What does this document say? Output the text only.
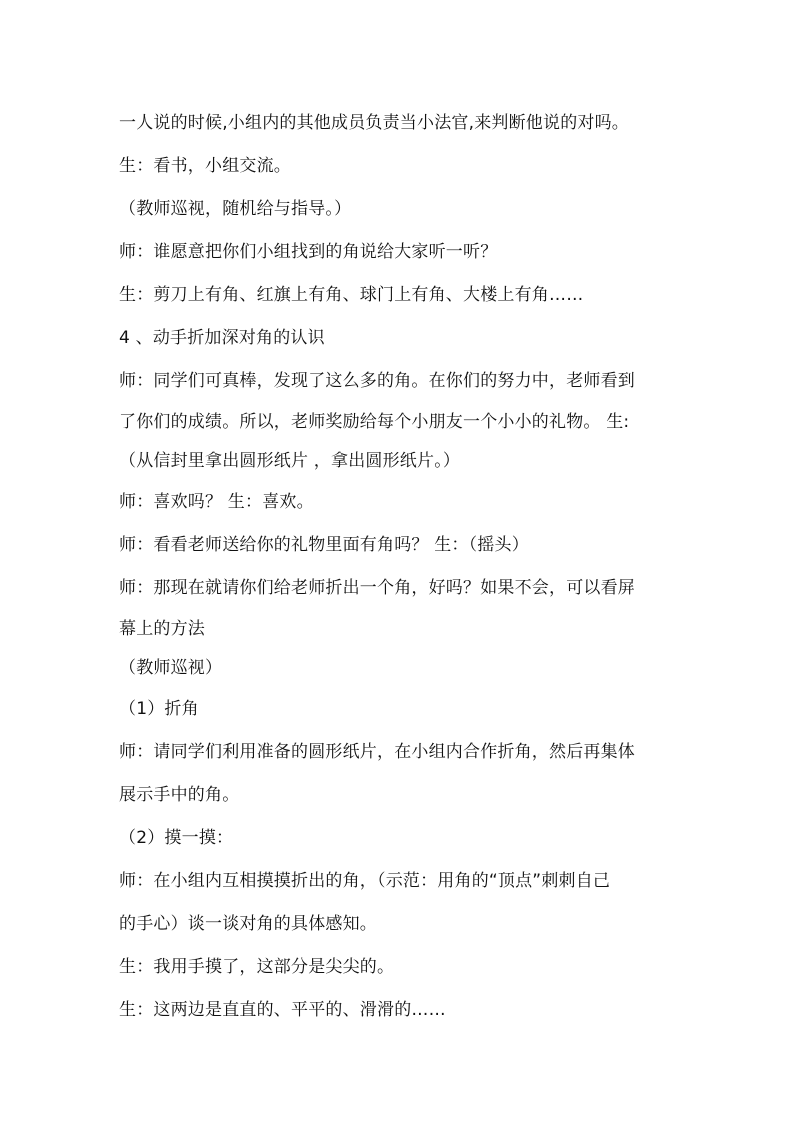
一人说的时候,小组内的其他成员负责当小法官,来判断他说的对吗。
生：看书，小组交流。
（教师巡视，随机给与指导。）
师：谁愿意把你们小组找到的角说给大家听一听？
生：剪刀上有角、红旗上有角、球门上有角、大楼上有角……
4 、动手折加深对角的认识
师：同学们可真棒，发现了这么多的角。在你们的努力中，老师看到
了你们的成绩。所以，老师奖励给每个小朋友一个小小的礼物。 生:
（从信封里拿出圆形纸片 ，拿出圆形纸片。）
师：喜欢吗？ 生：喜欢。
师：看看老师送给你的礼物里面有角吗？ 生：（摇头）
师：那现在就请你们给老师折出一个角，好吗？如果不会，可以看屏
幕上的方法
（教师巡视）
（1）折角
师：请同学们利用准备的圆形纸片，在小组内合作折角，然后再集体
展示手中的角。
（2）摸一摸：
师：在小组内互相摸摸折出的角，（示范：用角的“顶点”刺刺自己
的手心）谈一谈对角的具体感知。
生：我用手摸了，这部分是尖尖的。
生：这两边是直直的、平平的、滑滑的……
